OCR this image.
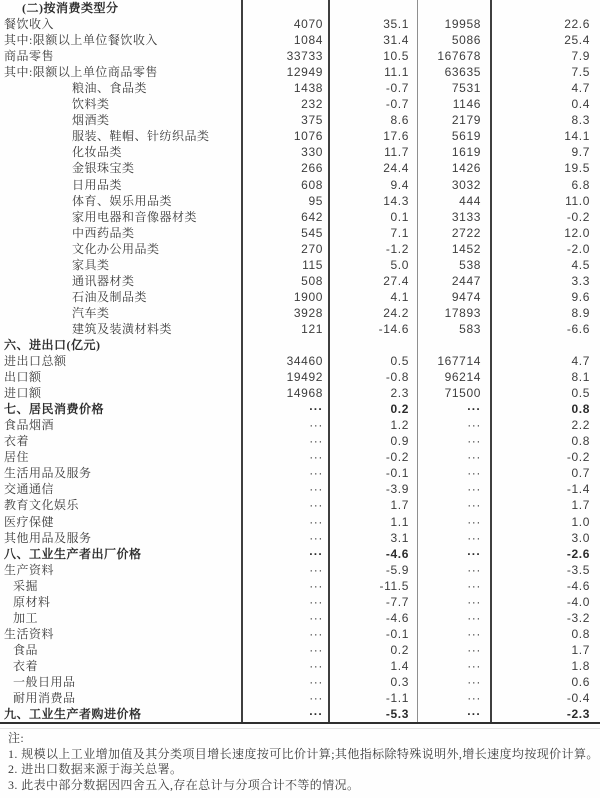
(二)按消费类型分
餐饮收入	4070	35.1	19958	22.6
其中:限额以上单位餐饮收入	1084	31.4	5086	25.4
商品零售	33733	10.5	167678	7.9
其中:限额以上单位商品零售	12949	11.1	63635	7.5
粮油、食品类	1438	-0.7	7531	4.7
饮料类	232	-0.7	1146	0.4
烟酒类	375	8.6	2179	8.3
服装、鞋帽、针纺织品类	1076	17.6	5619	14.1
化妆品类	330	11.7	1619	9.7
金银珠宝类	266	24.4	1426	19.5
日用品类	608	9.4	3032	6.8
体育、娱乐用品类	95	14.3	444	11.0
家用电器和音像器材类	642	0.1	3133	-0.2
中西药品类	545	7.1	2722	12.0
文化办公用品类	270	-1.2	1452	-2.0
家具类	115	5.0	538	4.5
通讯器材类	508	27.4	2447	3.3
石油及制品类	1900	4.1	9474	9.6
汽车类	3928	24.2	17893	8.9
建筑及装潢材料类	121	-14.6	583	-6.6
六、进出口(亿元)
进出口总额	34460	0.5	167714	4.7
出口额	19492	-0.8	96214	8.1
进口额	14968	2.3	71500	0.5
七、居民消费价格	···	0.2	···	0.8
食品烟酒	···	1.2	···	2.2
衣着	···	0.9	···	0.8
居住	···	-0.2	···	-0.2
生活用品及服务	···	-0.1	···	0.7
交通通信	···	-3.9	···	-1.4
教育文化娱乐	···	1.7	···	1.7
医疗保健	···	1.1	···	1.0
其他用品及服务	···	3.1	···	3.0
八、工业生产者出厂价格	···	-4.6	···	-2.6
生产资料	···	-5.9	···	-3.5
采掘	···	-11.5	···	-4.6
原材料	···	-7.7	···	-4.0
加工	···	-4.6	···	-3.2
生活资料	···	-0.1	···	0.8
食品	···	0.2	···	1.7
衣着	···	1.4	···	1.8
一般日用品	···	0.3	···	0.6
耐用消费品	···	-1.1	···	-0.4
九、工业生产者购进价格	···	-5.3	···	-2.3
注:
1. 规模以上工业增加值及其分类项目增长速度按可比价计算;其他指标除特殊说明外,增长速度均按现价计算。
2. 进出口数据来源于海关总署。
3. 此表中部分数据因四舍五入,存在总计与分项合计不等的情况。
